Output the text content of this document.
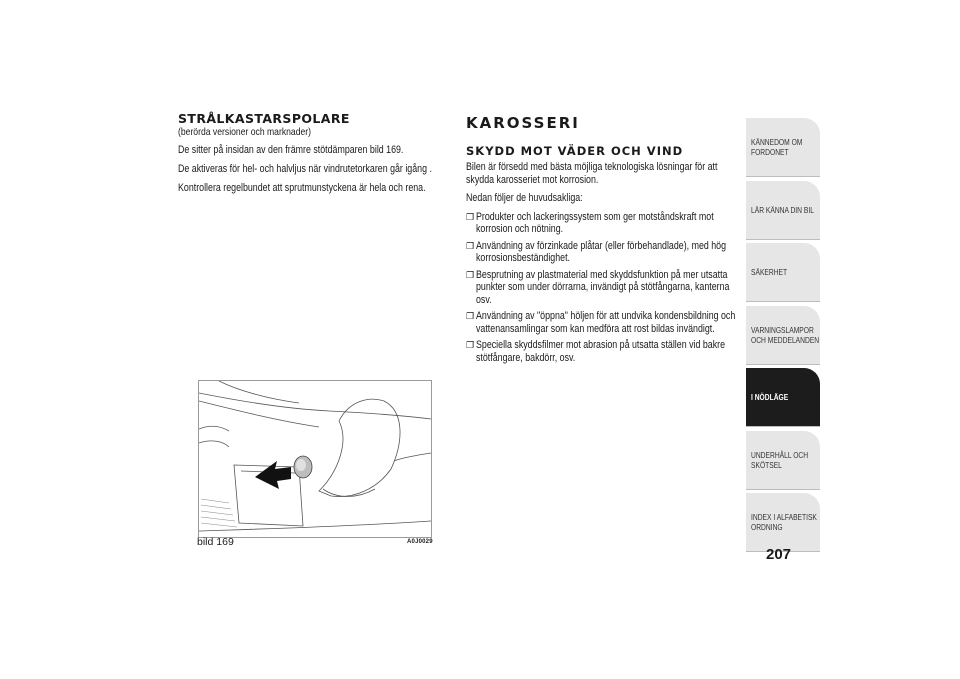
STRÅLKASTARSPOLARE

(berörda versioner och marknader)

De sitter på insidan av den främre stötdämparen bild 169.

De aktiveras för hel- och halvljus när vindrutetorkaren går igång .

Kontrollera regelbundet att sprutmunstyckena är hela och rena.

bild 169	A0J0029
KAROSSERI
SKYDD MOT VÄDER OCH VIND

Bilen är försedd med bästa möjliga teknologiska lösningar för att skydda karosseriet mot korrosion.

Nedan följer de huvudsakliga:

❐ Produkter och lackeringssystem som ger motståndskraft mot korrosion och nötning.
❐ Användning av förzinkade plåtar (eller förbehandlade), med hög korrosionsbeständighet.
❐ Besprutning av plastmaterial med skyddsfunktion på mer utsatta punkter som under dörrarna, invändigt på stötfångarna, kanterna osv.
❐ Användning av "öppna" höljen för att undvika kondensbildning och vattenansamlingar som kan medföra att rost bildas invändigt.
❐ Speciella skyddsfilmer mot abrasion på utsatta ställen vid bakre stötfångare, bakdörr, osv.
KÄNNEDOM OM FORDONET
LÄR KÄNNA DIN BIL
SÄKERHET
VARNINGSLAMPOR OCH MEDDELANDEN
I NÖDLÄGE
UNDERHÅLL OCH SKÖTSEL
INDEX I ALFABETISK ORDNING
207
